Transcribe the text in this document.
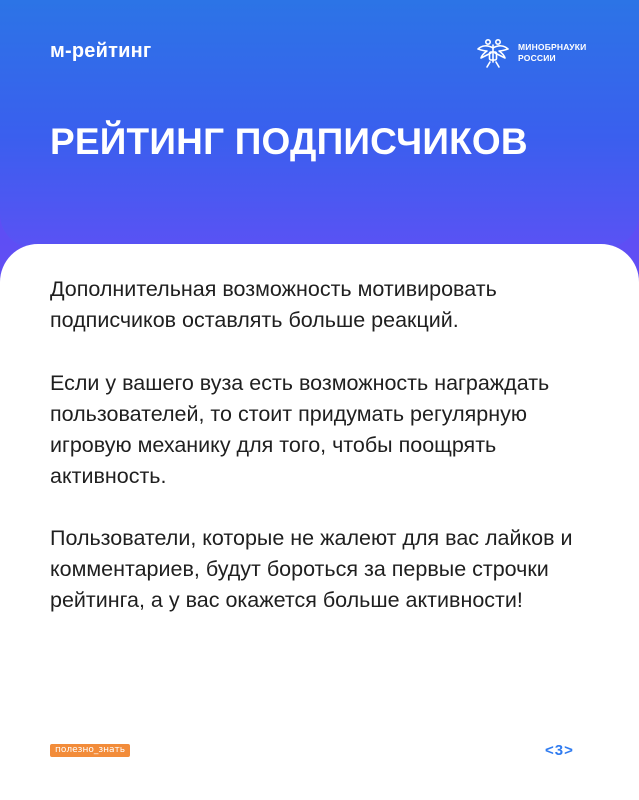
м-рейтинг	МИНОБРНАУКИ
РОССИИ
РЕЙТИНГ ПОДПИСЧИКОВ

Дополнительная возможность мотивировать подписчиков оставлять больше реакций.

Если у вашего вуза есть возможность награждать пользователей, то стоит придумать регулярную игровую механику для того, чтобы поощрять активность.

Пользователи, которые не жалеют для вас лайков и комментариев, будут бороться за первые строчки рейтинга, а у вас окажется больше активности!

полезно_знать	< 3 >
